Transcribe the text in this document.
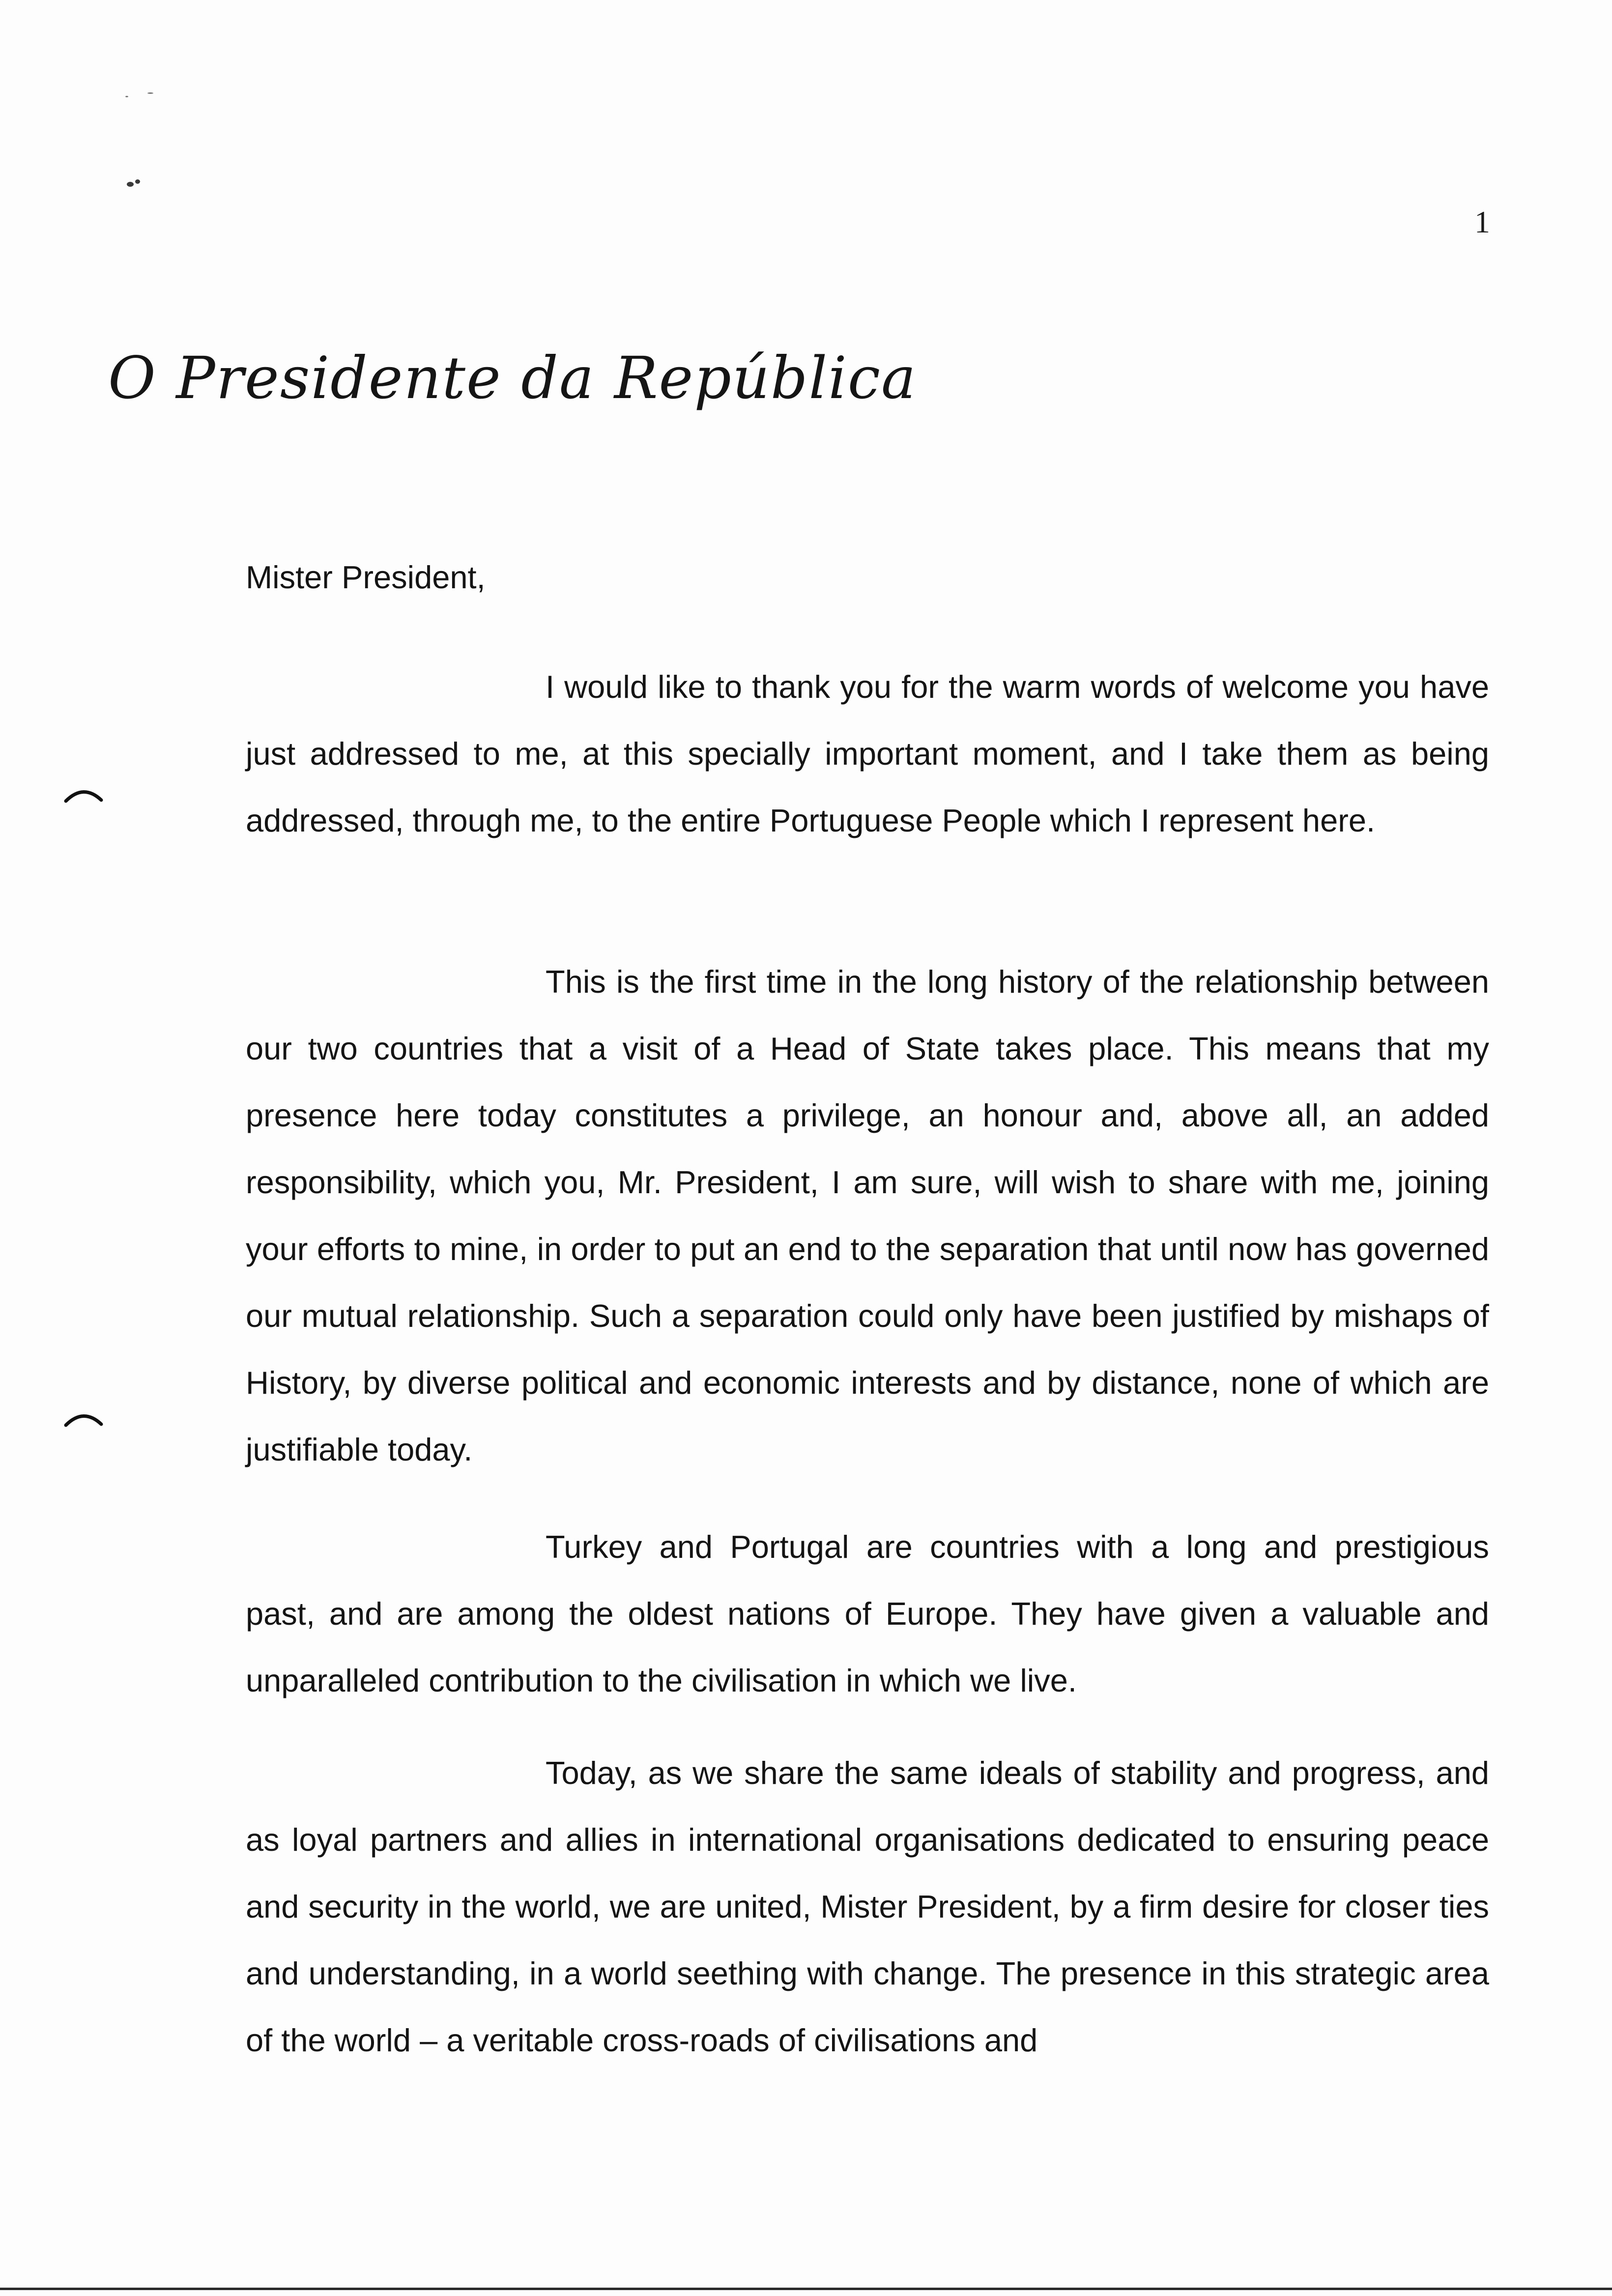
1
O Presidente da República
Mister President,

I would like to thank you for the warm words of welcome you have just addressed to me, at this specially important moment, and I take them as being addressed, through me, to the entire Portuguese People which I represent here.

This is the first time in the long history of the relationship between our two countries that a visit of a Head of State takes place. This means that my presence here today constitutes a privilege, an honour and, above all, an added responsibility, which you, Mr. President, I am sure, will wish to share with me, joining your efforts to mine, in order to put an end to the separation that until now has governed our mutual relationship. Such a separation could only have been justified by mishaps of History, by diverse political and economic interests and by distance, none of which are justifiable today.

Turkey and Portugal are countries with a long and prestigious past, and are among the oldest nations of Europe. They have given a valuable and unparalleled contribution to the civilisation in which we live.

Today, as we share the same ideals of stability and progress, and as loyal partners and allies in international organisations dedicated to ensuring peace and security in the world, we are united, Mister President, by a firm desire for closer ties and understanding, in a world seething with change. The presence in this strategic area of the world – a veritable cross-roads of civilisations and
